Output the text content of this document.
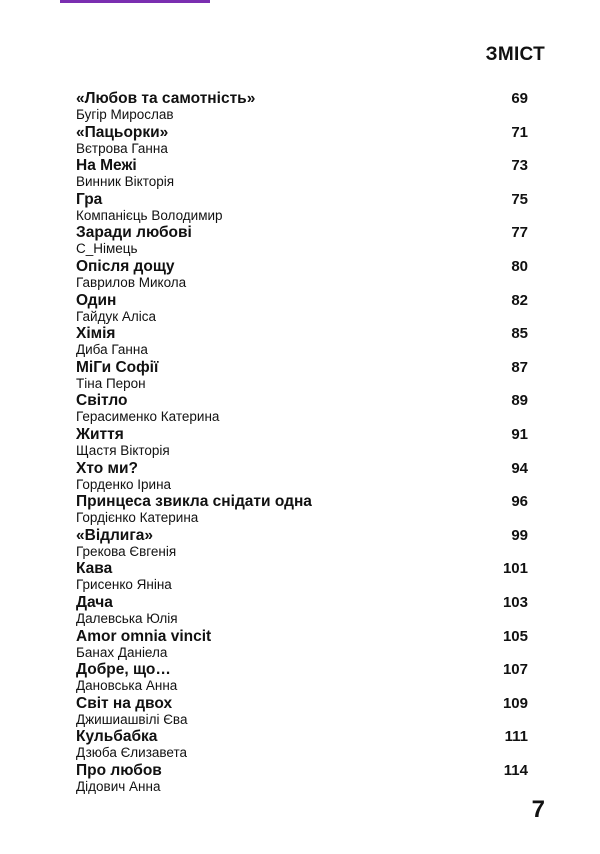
ЗМІСТ
«Любов та самотність»
Бугір Мирослав
69
«Пацьорки»
Вєтрова Ганна
71
На Межі
Винник Вікторія
73
Гра
Компанієць Володимир
75
Заради любові
С_Німець
77
Опісля дощу
Гаврилов Микола
80
Один
Гайдук Аліса
82
Хімія
Диба Ганна
85
МіГи Софії
Тіна Перон
87
Світло
Герасименко Катерина
89
Життя
Щастя Вікторія
91
Хто ми?
Горденко Ірина
94
Принцеса звикла снідати одна
Гордієнко Катерина
96
«Відлига»
Грекова Євгенія
99
Кава
Грисенко Яніна
101
Дача
Далевська Юлія
103
Amor omnia vincit
Банах Даніела
105
Добре, що…
Дановська Анна
107
Світ на двох
Джишиашвілі Єва
109
Кульбабка
Дзюба Єлизавета
111
Про любов
Дідович Анна
114
7
